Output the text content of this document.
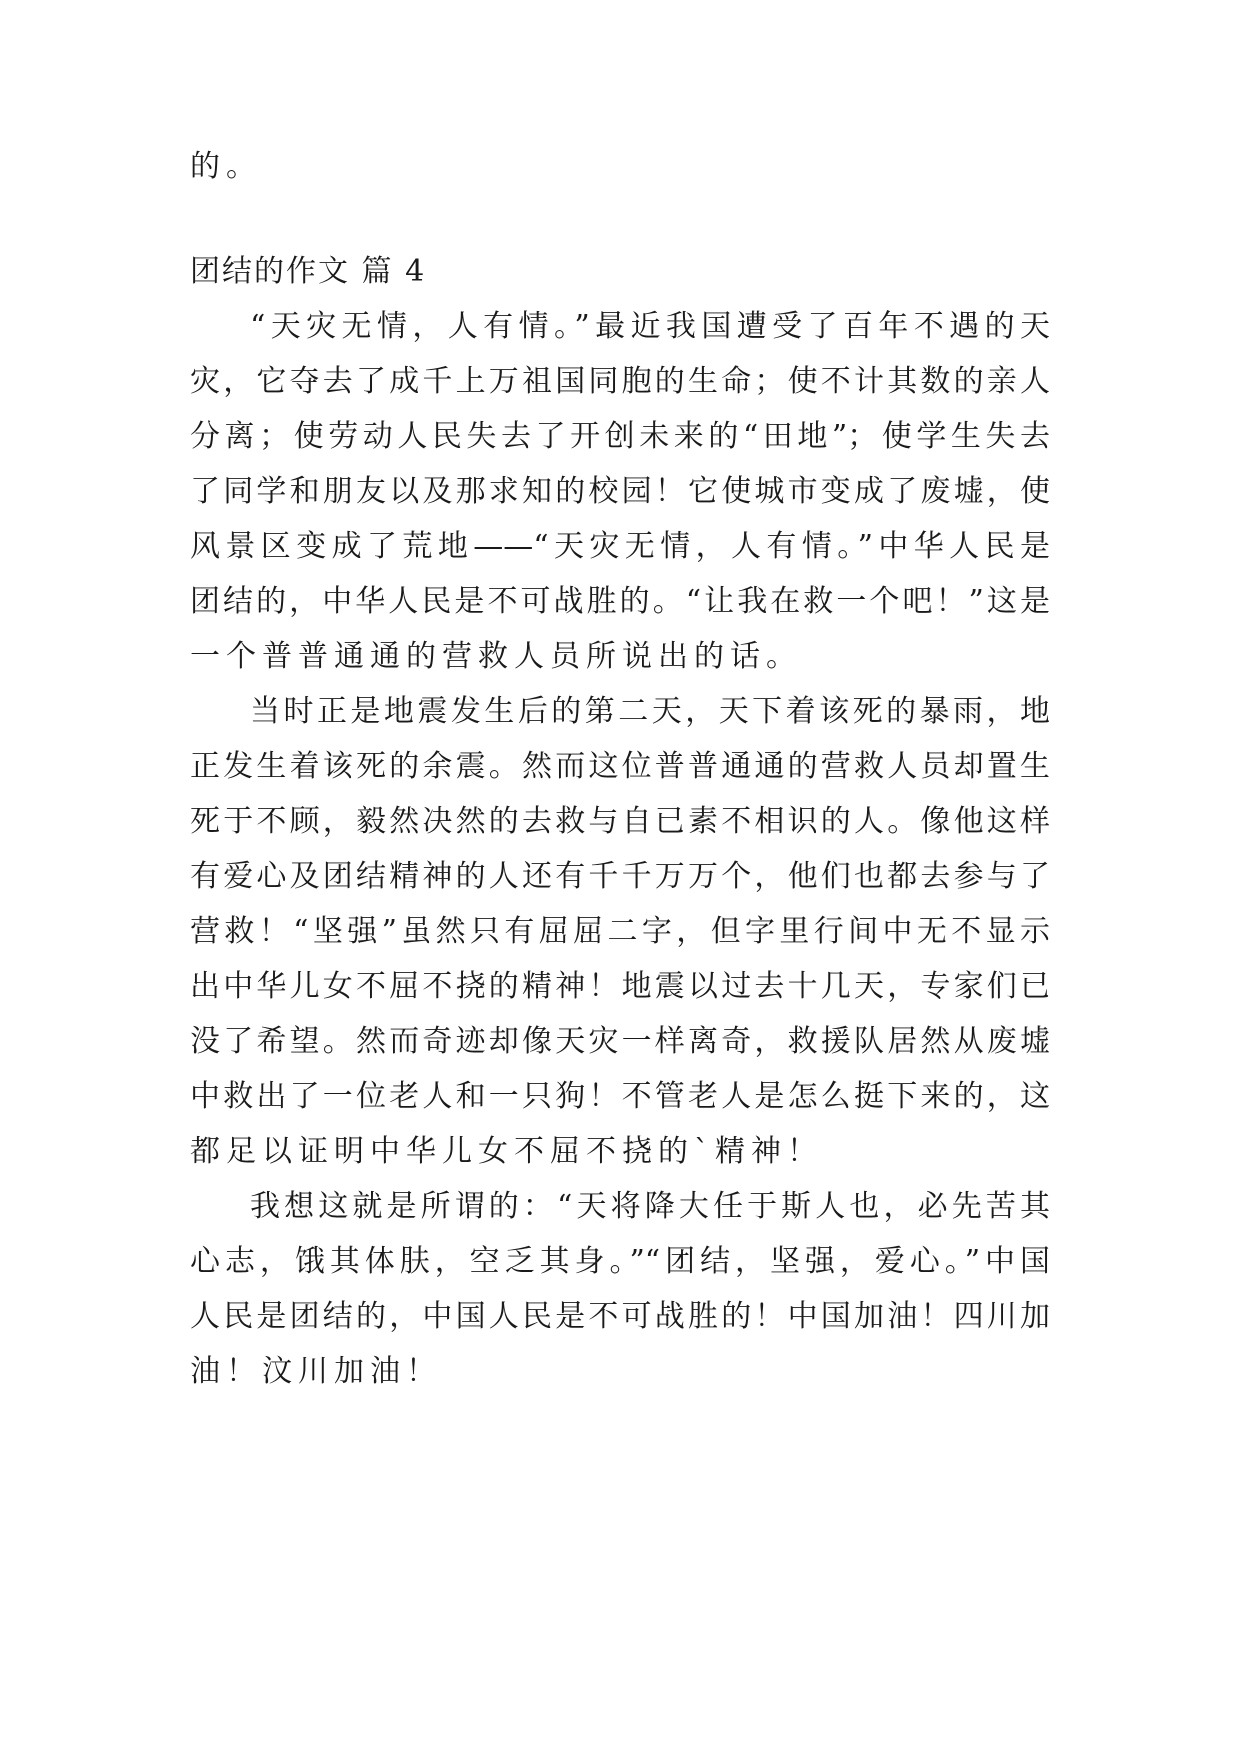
的。
团结的作文 篇 4
“天灾无情，人有情。”最近我国遭受了百年不遇的天
灾，它夺去了成千上万祖国同胞的生命；使不计其数的亲人
分离；使劳动人民失去了开创未来的“田地”；使学生失去
了同学和朋友以及那求知的校园！它使城市变成了废墟，使
风景区变成了荒地——“天灾无情，人有情。”中华人民是
团结的，中华人民是不可战胜的。“让我在救一个吧！”这是
一个普普通通的营救人员所说出的话。
当时正是地震发生后的第二天，天下着该死的暴雨，地
正发生着该死的余震。然而这位普普通通的营救人员却置生
死于不顾，毅然决然的去救与自已素不相识的人。像他这样
有爱心及团结精神的人还有千千万万个，他们也都去参与了
营救！“坚强”虽然只有屈屈二字，但字里行间中无不显示
出中华儿女不屈不挠的精神！地震以过去十几天，专家们已
没了希望。然而奇迹却像天灾一样离奇，救援队居然从废墟
中救出了一位老人和一只狗！不管老人是怎么挺下来的，这
都足以证明中华儿女不屈不挠的`精神！
我想这就是所谓的：“天将降大任于斯人也，必先苦其
心志，饿其体肤，空乏其身。”“团结，坚强，爱心。”中国
人民是团结的，中国人民是不可战胜的！中国加油！四川加
油！汶川加油！
